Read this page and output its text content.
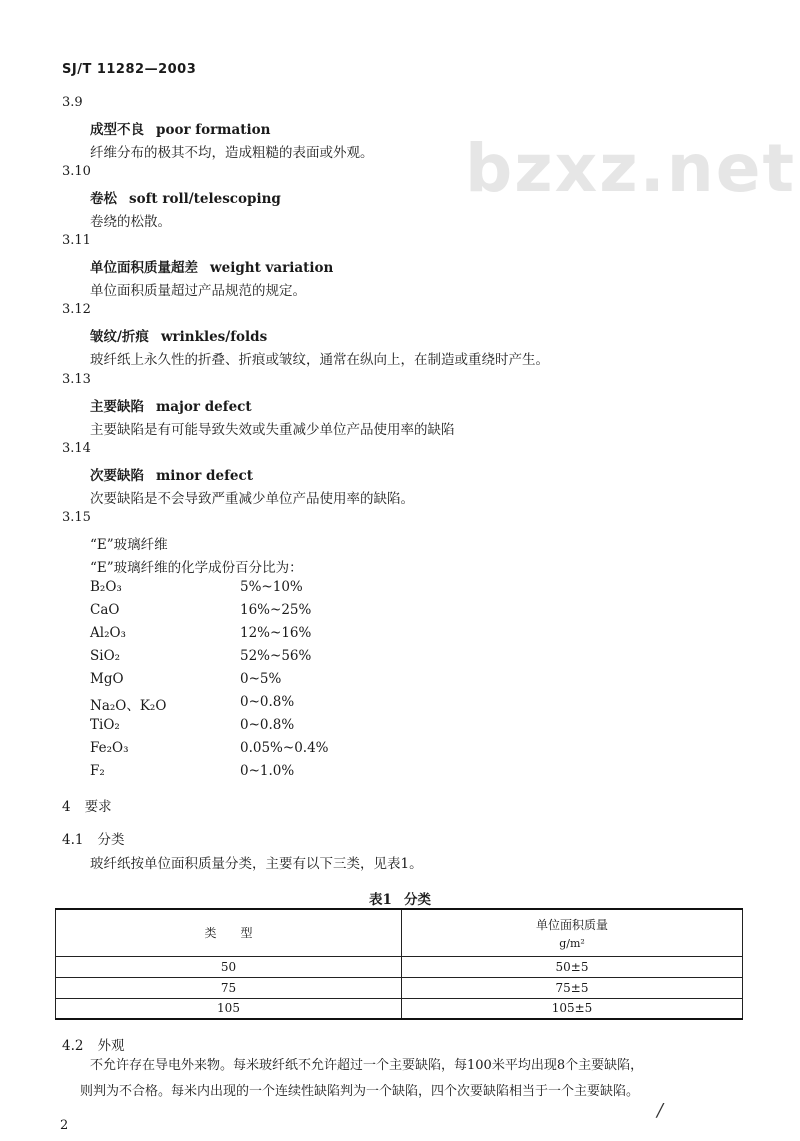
bzxz.net
SJ/T 11282—2003
3.9
成型不良 poor formation
纤维分布的极其不均，造成粗糙的表面或外观。
3.10
卷松 soft roll/telescoping
卷绕的松散。
3.11
单位面积质量超差 weight variation
单位面积质量超过产品规范的规定。
3.12
皱纹/折痕 wrinkles/folds
玻纤纸上永久性的折叠、折痕或皱纹，通常在纵向上，在制造或重绕时产生。
3.13
主要缺陷 major defect
主要缺陷是有可能导致失效或失重减少单位产品使用率的缺陷
3.14
次要缺陷 minor defect
次要缺陷是不会导致严重减少单位产品使用率的缺陷。
3.15
“E”玻璃纤维
“E”玻璃纤维的化学成份百分比为：
B₂O₃	5%~10%
CaO	16%~25%
Al₂O₃	12%~16%
SiO₂	52%~56%
MgO	0~5%
Na₂O、K₂O	0~0.8%
TiO₂	0~0.8%
Fe₂O₃	0.05%~0.4%
F₂	0~1.0%
4 要求
4.1 分类
玻纤纸按单位面积质量分类，主要有以下三类，见表1。
表1 分类
类　　型	单位面积质量
g/m²

50	50±5
75	75±5
105	105±5
4.2 外观
不允许存在导电外来物。每米玻纤纸不允许超过一个主要缺陷，每100米平均出现8个主要缺陷，
则判为不合格。每米内出现的一个连续性缺陷判为一个缺陷，四个次要缺陷相当于一个主要缺陷。
/
2
